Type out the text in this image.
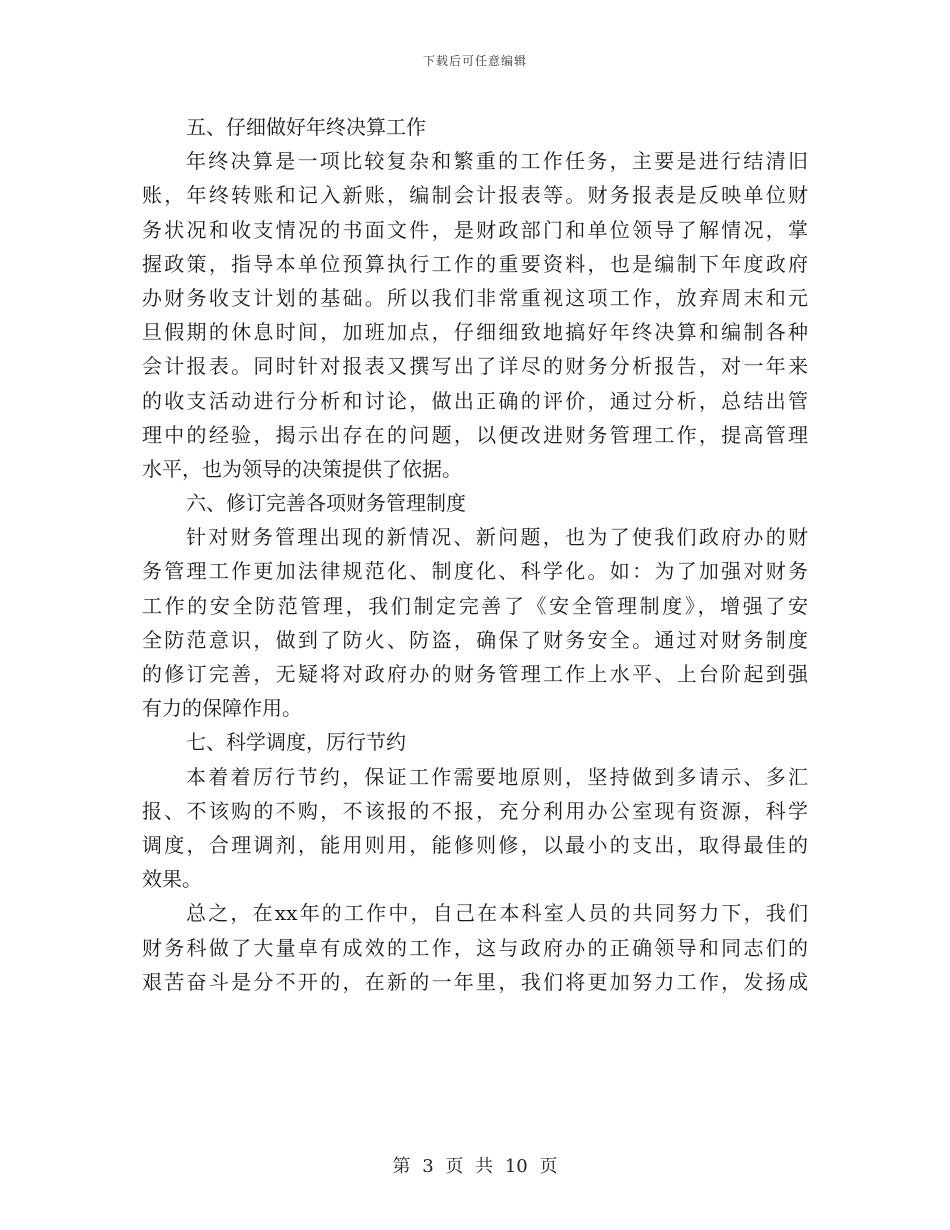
下载后可任意编辑
五、仔细做好年终决算工作
年终决算是一项比较复杂和繁重的工作任务，主要是进行结清旧
账，年终转账和记入新账，编制会计报表等。财务报表是反映单位财
务状况和收支情况的书面文件，是财政部门和单位领导了解情况，掌
握政策，指导本单位预算执行工作的重要资料，也是编制下年度政府
办财务收支计划的基础。所以我们非常重视这项工作，放弃周末和元
旦假期的休息时间，加班加点，仔细细致地搞好年终决算和编制各种
会计报表。同时针对报表又撰写出了详尽的财务分析报告，对一年来
的收支活动进行分析和讨论，做出正确的评价，通过分析，总结出管
理中的经验，揭示出存在的问题，以便改进财务管理工作，提高管理
水平，也为领导的决策提供了依据。
六、修订完善各项财务管理制度
针对财务管理出现的新情况、新问题，也为了使我们政府办的财
务管理工作更加法律规范化、制度化、科学化。如：为了加强对财务
工作的安全防范管理，我们制定完善了《安全管理制度》，增强了安
全防范意识，做到了防火、防盗，确保了财务安全。通过对财务制度
的修订完善，无疑将对政府办的财务管理工作上水平、上台阶起到强
有力的保障作用。
七、科学调度，厉行节约
本着着厉行节约，保证工作需要地原则，坚持做到多请示、多汇
报、不该购的不购，不该报的不报，充分利用办公室现有资源，科学
调度，合理调剂，能用则用，能修则修，以最小的支出，取得最佳的
效果。
总之，在xx年的工作中，自己在本科室人员的共同努力下，我们
财务科做了大量卓有成效的工作，这与政府办的正确领导和同志们的
艰苦奋斗是分不开的，在新的一年里，我们将更加努力工作，发扬成
第 3 页 共 10 页
